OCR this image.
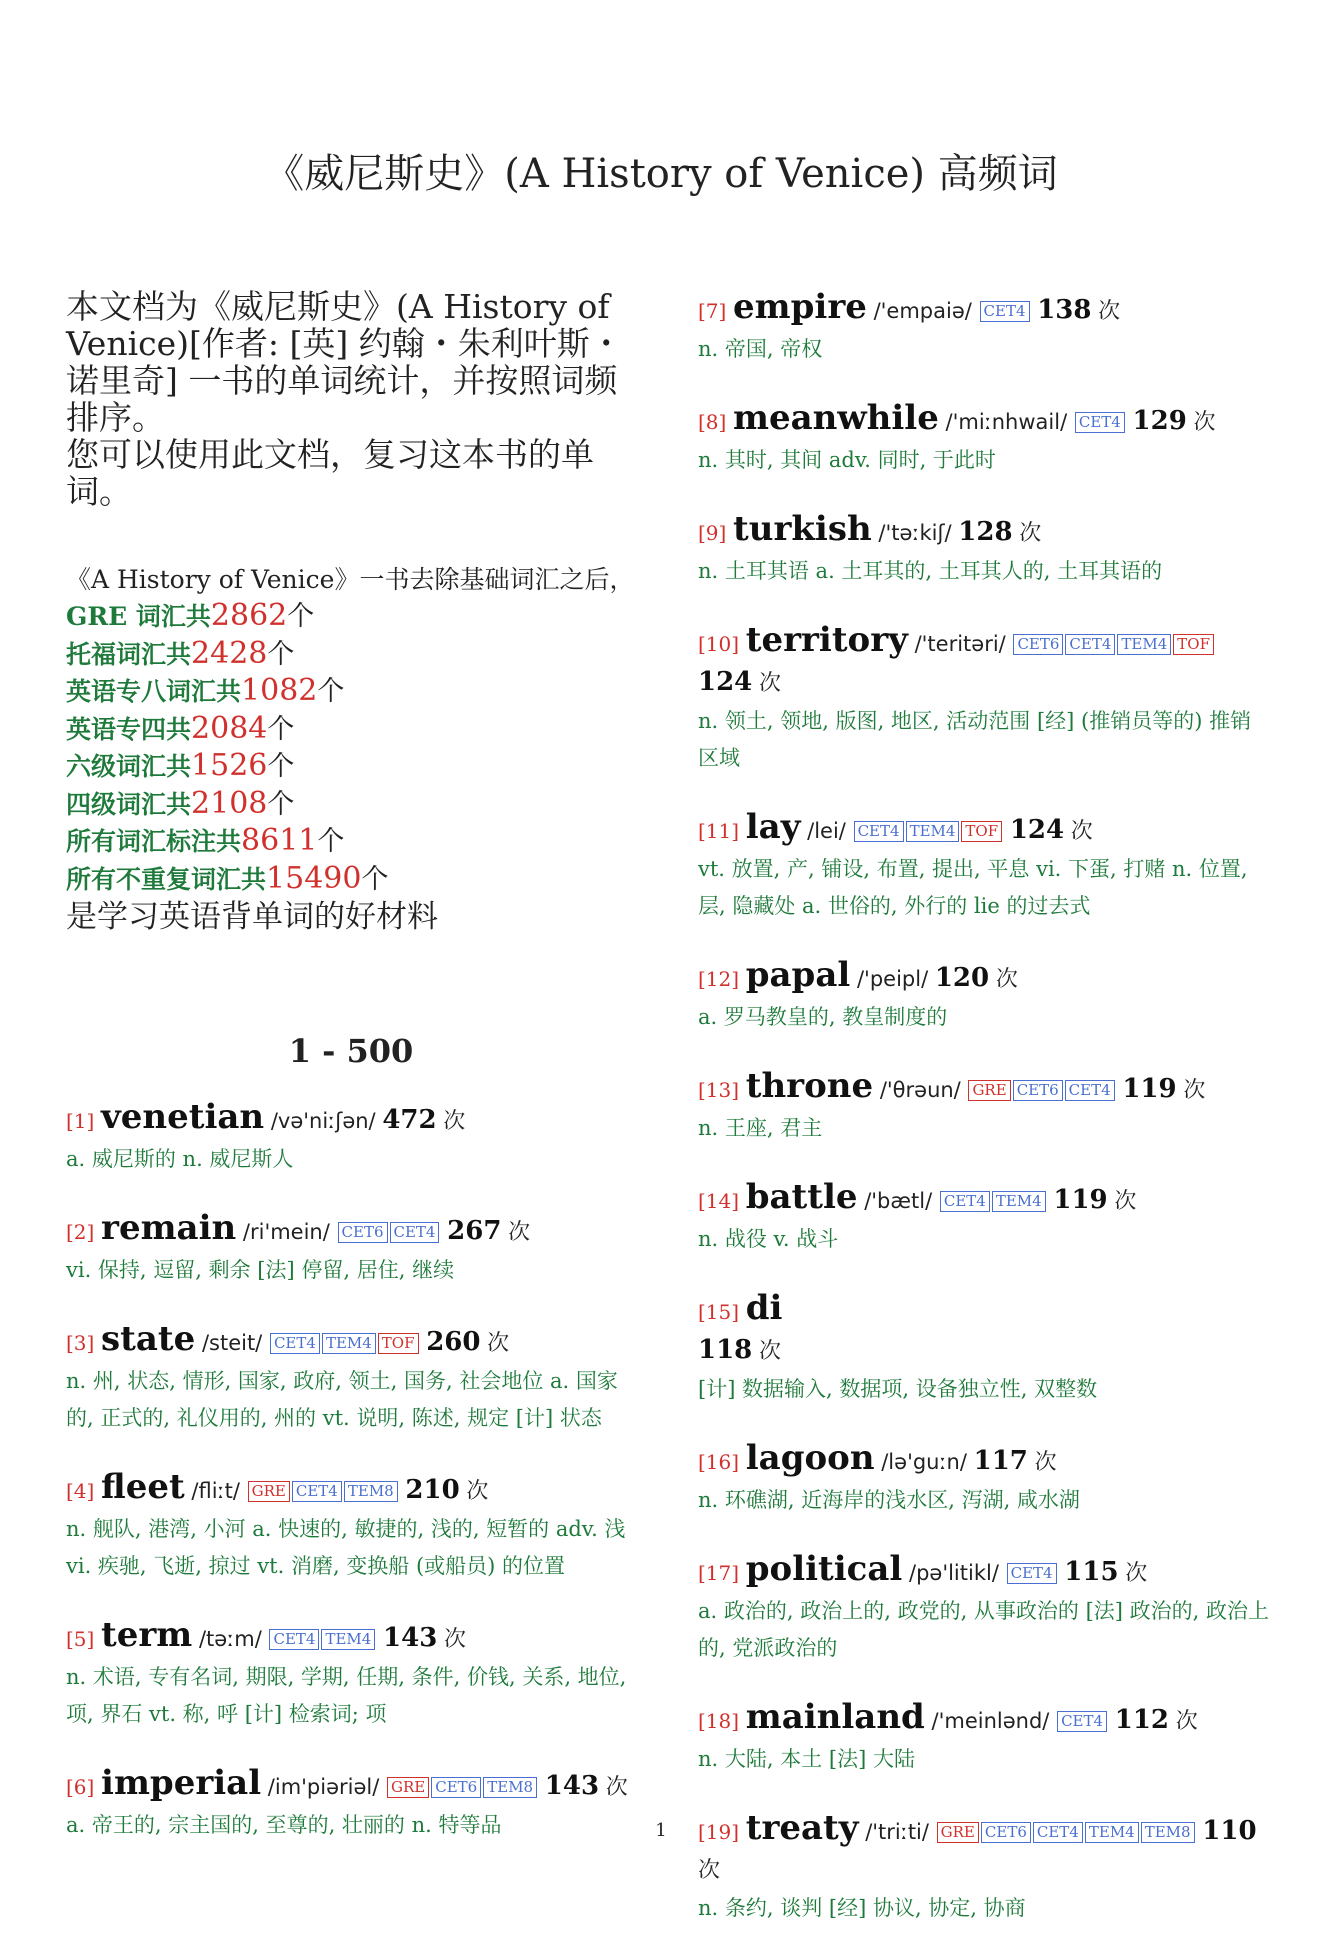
《威尼斯史》(A History of Venice) 高频词
本文档为《威尼斯史》(A History of Venice)[作者: [英] 约翰・朱利叶斯・诺里奇] 一书的单词统计，并按照词频排序。
您可以使用此文档，复习这本书的单词。

《A History of Venice》一书去除基础词汇之后，

GRE 词汇共2862个

托福词汇共2428个

英语专八词汇共1082个

英语专四共2084个

六级词汇共1526个

四级词汇共2108个

所有词汇标注共8611个

所有不重复词汇共15490个

是学习英语背单词的好材料

1 - 500
[1] venetian /və'niːʃən/ 472 次
a. 威尼斯的 n. 威尼斯人
[2] remain /ri'mein/ CET6 CET4 267 次
vi. 保持, 逗留, 剩余 [法] 停留, 居住, 继续
[3] state /steit/ CET4 TEM4 TOF 260 次
n. 州, 状态, 情形, 国家, 政府, 领土, 国务, 社会地位 a. 国家的, 正式的, 礼仪用的, 州的 vt. 说明, 陈述, 规定 [计] 状态
[4] fleet /fliːt/ GRE CET4 TEM8 210 次
n. 舰队, 港湾, 小河 a. 快速的, 敏捷的, 浅的, 短暂的 adv. 浅 vi. 疾驰, 飞逝, 掠过 vt. 消磨, 变换船 (或船员) 的位置
[5] term /təːm/ CET4 TEM4 143 次
n. 术语, 专有名词, 期限, 学期, 任期, 条件, 价钱, 关系, 地位, 项, 界石 vt. 称, 呼 [计] 检索词; 项
[6] imperial /im'piəriəl/ GRE CET6 TEM8 143 次
a. 帝王的, 宗主国的, 至尊的, 壮丽的 n. 特等品
[7] empire /'empaiə/ CET4 138 次
n. 帝国, 帝权
[8] meanwhile /'miːnhwail/ CET4 129 次
n. 其时, 其间 adv. 同时, 于此时
[9] turkish /'təːkiʃ/ 128 次
n. 土耳其语 a. 土耳其的, 土耳其人的, 土耳其语的
[10] territory /'teritəri/ CET6 CET4 TEM4 TOF 124 次
n. 领土, 领地, 版图, 地区, 活动范围 [经] (推销员等的) 推销区域
[11] lay /lei/ CET4 TEM4 TOF 124 次
vt. 放置, 产, 铺设, 布置, 提出, 平息 vi. 下蛋, 打赌 n. 位置, 层, 隐藏处 a. 世俗的, 外行的 lie 的过去式
[12] papal /'peipl/ 120 次
a. 罗马教皇的, 教皇制度的
[13] throne /'θrəun/ GRE CET6 CET4 119 次
n. 王座, 君主
[14] battle /'bætl/ CET4 TEM4 119 次
n. 战役 v. 战斗
[15] di
118 次
[计] 数据输入, 数据项, 设备独立性, 双整数
[16] lagoon /lə'guːn/ 117 次
n. 环礁湖, 近海岸的浅水区, 泻湖, 咸水湖
[17] political /pə'litikl/ CET4 115 次
a. 政治的, 政治上的, 政党的, 从事政治的 [法] 政治的, 政治上的, 党派政治的
[18] mainland /'meinlənd/ CET4 112 次
n. 大陆, 本土 [法] 大陆
[19] treaty /'triːti/ GRE CET6 CET4 TEM4 TEM8 110 次
n. 条约, 谈判 [经] 协议, 协定, 协商
1
